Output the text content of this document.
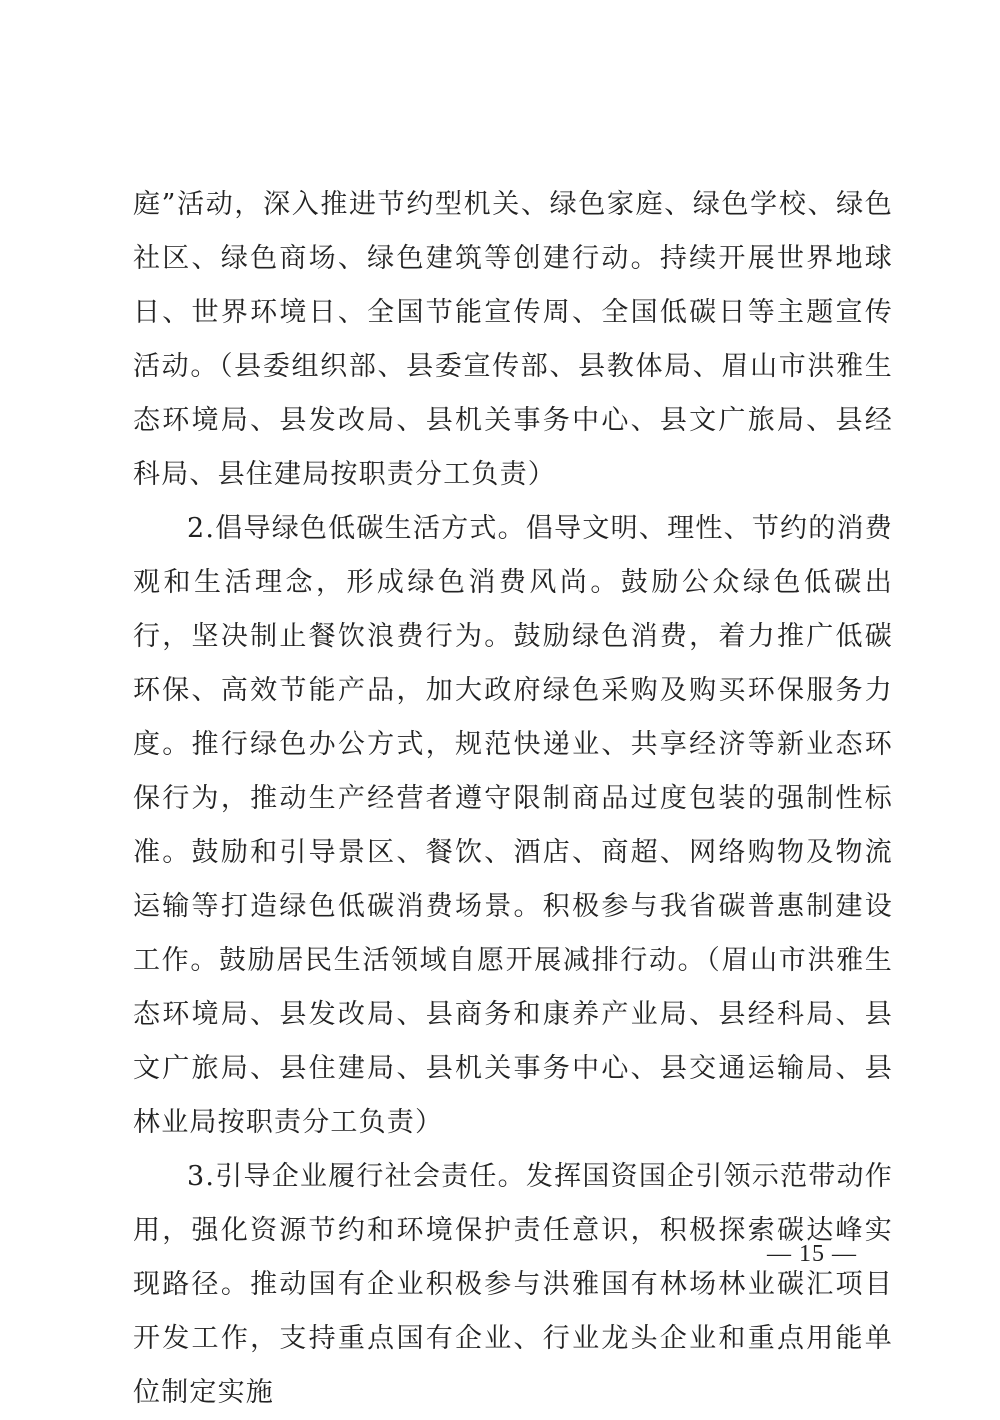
庭”活动，深入推进节约型机关、绿色家庭、绿色学校、绿色社区、绿色商场、绿色建筑等创建行动。持续开展世界地球日、世界环境日、全国节能宣传周、全国低碳日等主题宣传活动。（县委组织部、县委宣传部、县教体局、眉山市洪雅生态环境局、县发改局、县机关事务中心、县文广旅局、县经科局、县住建局按职责分工负责）

2.倡导绿色低碳生活方式。倡导文明、理性、节约的消费观和生活理念，形成绿色消费风尚。鼓励公众绿色低碳出行，坚决制止餐饮浪费行为。鼓励绿色消费，着力推广低碳环保、高效节能产品，加大政府绿色采购及购买环保服务力度。推行绿色办公方式，规范快递业、共享经济等新业态环保行为，推动生产经营者遵守限制商品过度包装的强制性标准。鼓励和引导景区、餐饮、酒店、商超、网络购物及物流运输等打造绿色低碳消费场景。积极参与我省碳普惠制建设工作。鼓励居民生活领域自愿开展减排行动。（眉山市洪雅生态环境局、县发改局、县商务和康养产业局、县经科局、县文广旅局、县住建局、县机关事务中心、县交通运输局、县林业局按职责分工负责）

3.引导企业履行社会责任。发挥国资国企引领示范带动作用，强化资源节约和环境保护责任意识，积极探索碳达峰实现路径。推动国有企业积极参与洪雅国有林场林业碳汇项目开发工作，支持重点国有企业、行业龙头企业和重点用能单位制定实施

— 15 —
